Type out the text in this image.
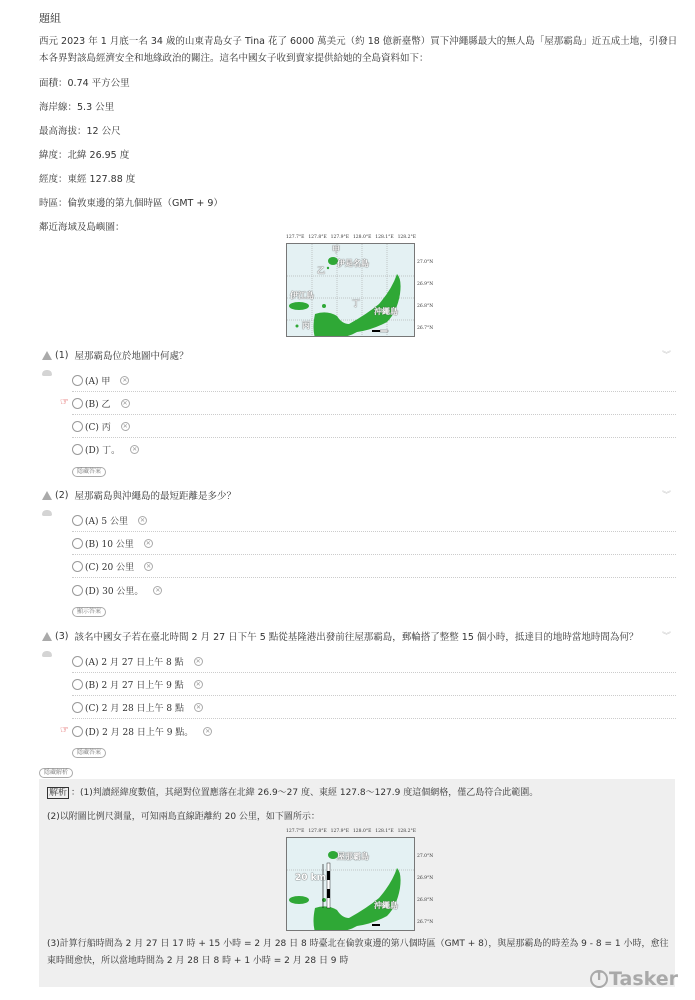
題組
西元 2023 年 1 月底一名 34 歲的山東青島女子 Tina 花了 6000 萬美元（約 18 億新臺幣）買下沖繩縣最大的無人島「屋那霸島」近五成土地，引發日本各界對該島經濟安全和地緣政治的關注。這名中國女子收到賣家提供給她的全島資料如下：
面積：0.74 平方公里
海岸線：5.3 公里
最高海拔：12 公尺
緯度：北緯 26.95 度
經度：東經 127.88 度
時區：倫敦東邊的第九個時區（GMT + 9）
鄰近海域及島嶼圖：
127.7°E 127.8°E 127.9°E 128.0°E 128.1°E 128.2°E
甲
乙
伊是名島
伊江島
丁
沖繩島
丙
27.0°N
26.9°N
26.8°N
26.7°N
(1) 屋那霸島位於地圖中何處？	︾
(A) 甲	✕
☞ (B) 乙	✕
(C) 丙	✕
(D) 丁。	✕
隱藏答案
(2) 屋那霸島與沖繩島的最短距離是多少？	︾
(A) 5 公里	✕
(B) 10 公里	✕
(C) 20 公里	✕
(D) 30 公里。	✕
顯示答案
(3) 該名中國女子若在臺北時間 2 月 27 日下午 5 點從基隆港出發前往屋那霸島，郵輪搭了整整 15 個小時，抵達目的地時當地時間為何？	︾
(A) 2 月 27 日上午 8 點	✕
(B) 2 月 27 日上午 9 點	✕
(C) 2 月 28 日上午 8 點	✕
☞ (D) 2 月 28 日上午 9 點。	✕
隱藏答案
隱藏解析
解析 ：(1)判讀經緯度數值，其絕對位置應落在北緯 26.9～27 度、東經 127.8～127.9 度這個網格，僅乙島符合此範圍。
(2)以附圖比例尺測量，可知兩島直線距離約 20 公里，如下圖所示：
127.7°E 127.8°E 127.9°E 128.0°E 128.1°E 128.2°E
屋那霸島
20 km
沖繩島
27.0°N
26.9°N
26.8°N
26.7°N
(3)計算行船時間為 2 月 27 日 17 時 + 15 小時 = 2 月 28 日 8 時臺北在倫敦東邊的第八個時區（GMT + 8），與屋那霸島的時差為 9 - 8 = 1 小時，愈往東時間愈快，所以當地時間為 2 月 28 日 8 時 + 1 小時 = 2 月 28 日 9 時
T
Tasker
